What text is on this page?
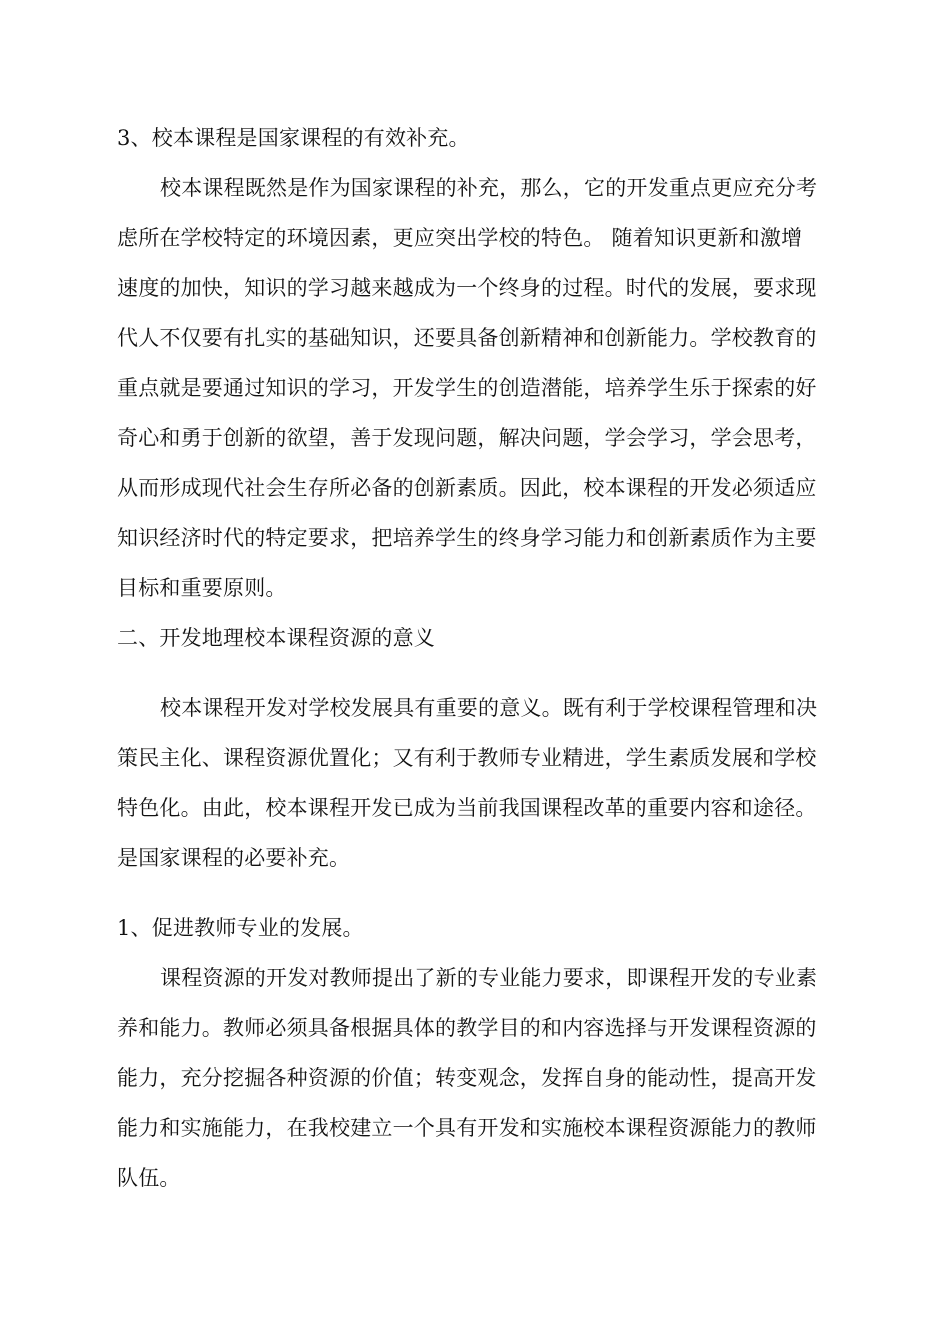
3、校本课程是国家课程的有效补充。
校本课程既然是作为国家课程的补充，那么，它的开发重点更应充分考
虑所在学校特定的环境因素，更应突出学校的特色。 随着知识更新和激增
速度的加快，知识的学习越来越成为一个终身的过程。时代的发展，要求现
代人不仅要有扎实的基础知识，还要具备创新精神和创新能力。学校教育的
重点就是要通过知识的学习，开发学生的创造潜能，培养学生乐于探索的好
奇心和勇于创新的欲望，善于发现问题，解决问题，学会学习，学会思考，
从而形成现代社会生存所必备的创新素质。因此，校本课程的开发必须适应
知识经济时代的特定要求，把培养学生的终身学习能力和创新素质作为主要
目标和重要原则。
二、开发地理校本课程资源的意义
校本课程开发对学校发展具有重要的意义。既有利于学校课程管理和决
策民主化、课程资源优置化；又有利于教师专业精进，学生素质发展和学校
特色化。由此，校本课程开发已成为当前我国课程改革的重要内容和途径。
是国家课程的必要补充。
1、促进教师专业的发展。
课程资源的开发对教师提出了新的专业能力要求，即课程开发的专业素
养和能力。教师必须具备根据具体的教学目的和内容选择与开发课程资源的
能力，充分挖掘各种资源的价值；转变观念，发挥自身的能动性，提高开发
能力和实施能力，在我校建立一个具有开发和实施校本课程资源能力的教师
队伍。
